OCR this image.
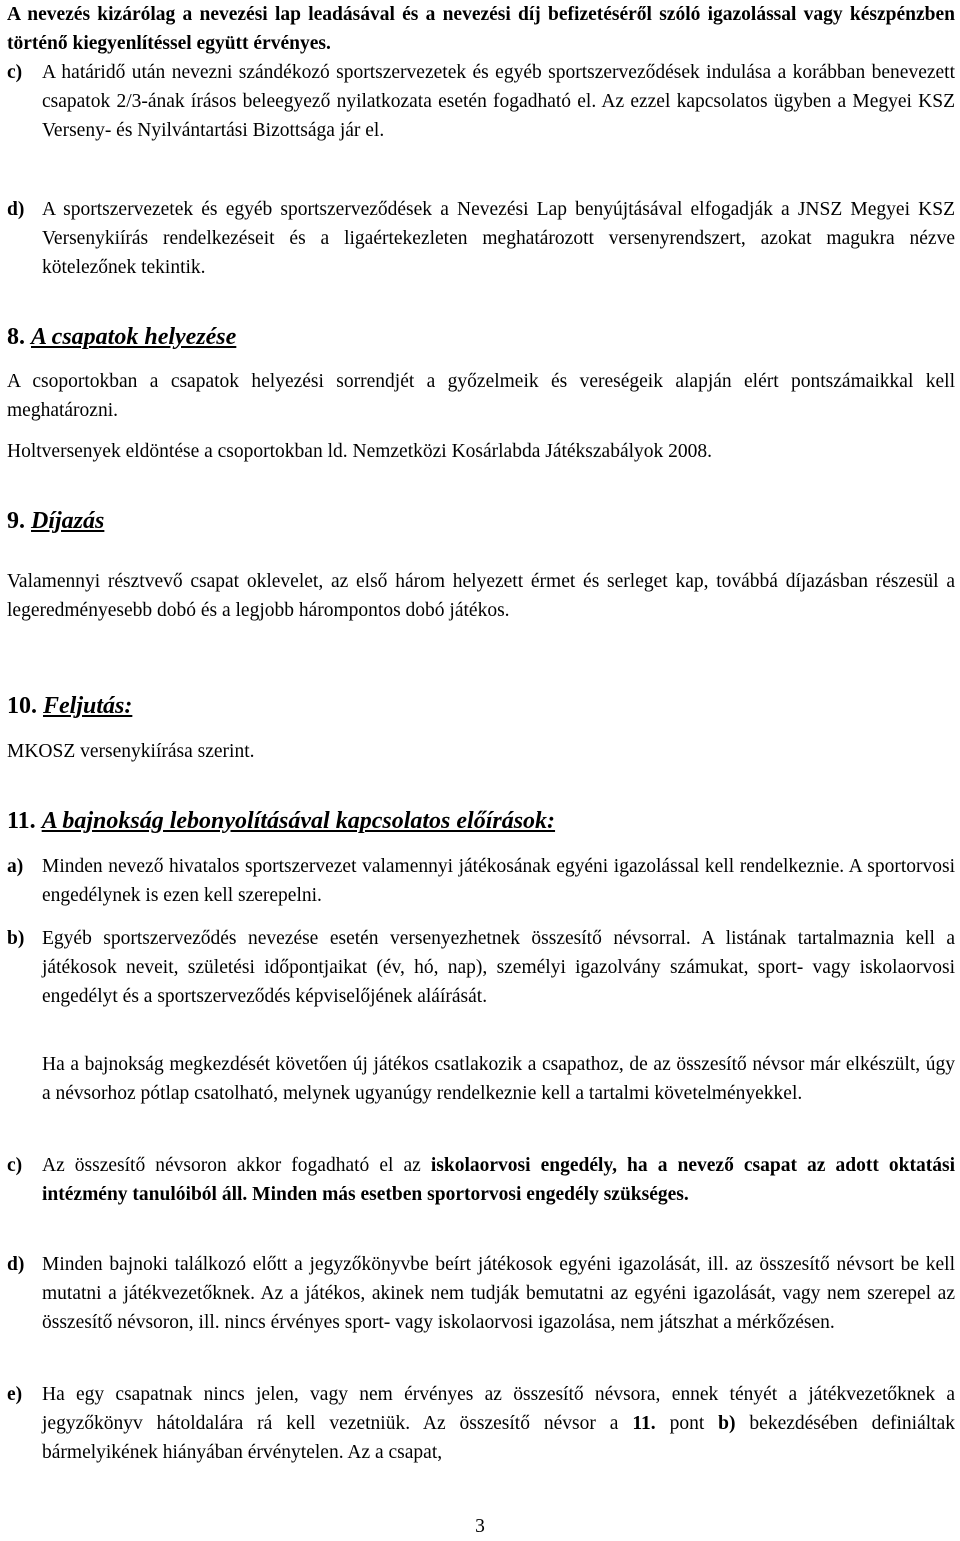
A nevezés kizárólag a nevezési lap leadásával és a nevezési díj befizetéséről szóló igazolással vagy készpénzben történő kiegyenlítéssel együtt érvényes.

c) A határidő után nevezni szándékozó sportszervezetek és egyéb sportszerveződések indulása a korábban benevezett csapatok 2/3-ának írásos beleegyező nyilatkozata esetén fogadható el. Az ezzel kapcsolatos ügyben a Megyei KSZ Verseny- és Nyilvántartási Bizottsága jár el.

d) A sportszervezetek és egyéb sportszerveződések a Nevezési Lap benyújtásával elfogadják a JNSZ Megyei KSZ Versenykiírás rendelkezéseit és a ligaértekezleten meghatározott versenyrendszert, azokat magukra nézve kötelezőnek tekintik.

8. A csapatok helyezése

A csoportokban a csapatok helyezési sorrendjét a győzelmeik és vereségeik alapján elért pontszámaikkal kell meghatározni.

Holtversenyek eldöntése a csoportokban ld. Nemzetközi Kosárlabda Játékszabályok 2008.

9. Díjazás

Valamennyi résztvevő csapat oklevelet, az első három helyezett érmet és serleget kap, továbbá díjazásban részesül a legeredményesebb dobó és a legjobb hárompontos dobó játékos.

10. Feljutás:

MKOSZ versenykiírása szerint.

11. A bajnokság lebonyolításával kapcsolatos előírások:
a) Minden nevező hivatalos sportszervezet valamennyi játékosának egyéni igazolással kell rendelkeznie. A sportorvosi engedélynek is ezen kell szerepelni.

b) Egyéb sportszerveződés nevezése esetén versenyezhetnek összesítő névsorral. A listának tartalmaznia kell a játékosok neveit, születési időpontjaikat (év, hó, nap), személyi igazolvány számukat, sport- vagy iskolaorvosi engedélyt és a sportszerveződés képviselőjének aláírását.

Ha a bajnokság megkezdését követően új játékos csatlakozik a csapathoz, de az összesítő névsor már elkészült, úgy a névsorhoz pótlap csatolható, melynek ugyanúgy rendelkeznie kell a tartalmi követelményekkel.

c) Az összesítő névsoron akkor fogadható el az iskolaorvosi engedély, ha a nevező csapat az adott oktatási intézmény tanulóiból áll. Minden más esetben sportorvosi engedély szükséges.

d) Minden bajnoki találkozó előtt a jegyzőkönyvbe beírt játékosok egyéni igazolását, ill. az összesítő névsort be kell mutatni a játékvezetőknek. Az a játékos, akinek nem tudják bemutatni az egyéni igazolását, vagy nem szerepel az összesítő névsoron, ill. nincs érvényes sport- vagy iskolaorvosi igazolása, nem játszhat a mérkőzésen.

e) Ha egy csapatnak nincs jelen, vagy nem érvényes az összesítő névsora, ennek tényét a játékvezetőknek a jegyzőkönyv hátoldalára rá kell vezetniük. Az összesítő névsor a 11. pont b) bekezdésében definiáltak bármelyikének hiányában érvénytelen. Az a csapat,

3
